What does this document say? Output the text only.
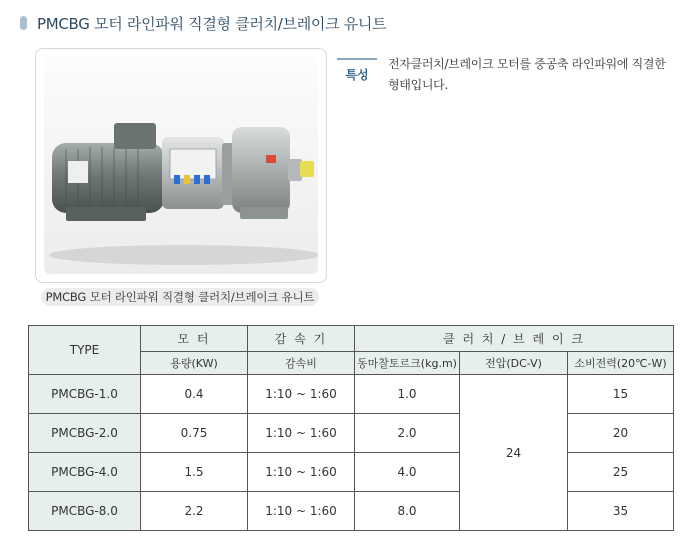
PMCBG 모터 라인파워 직결형 클러치/브레이크 유니트
PMCBG 모터 라인파워 직결형 클러치/브레이크 유니트
특성
전자클러치/브레이크 모터를 중공축 라인파워에 직결한 형태입니다.
TYPE	모 터	감 속 기	클 러 치 / 브 레 이 크		
	용량(KW)	감속비	동마찰토르크(kg.m)	전압(DC-V)	소비전력(20℃-W)
PMCBG-1.0	0.4	1:10 ~ 1:60	1.0	24	15
PMCBG-2.0	0.75	1:10 ~ 1:60	2.0		20
PMCBG-4.0	1.5	1:10 ~ 1:60	4.0		25
PMCBG-8.0	2.2	1:10 ~ 1:60	8.0		35
